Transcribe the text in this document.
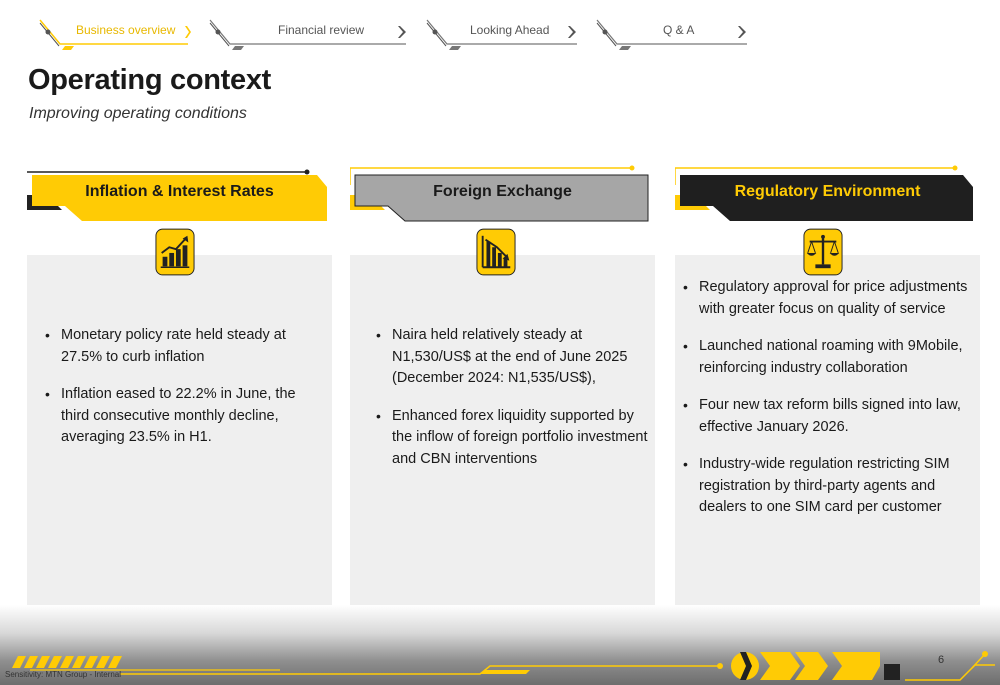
Business overview	Financial review	Looking Ahead	Q & A
Operating context
Improving operating conditions
Inflation & Interest Rates
• Monetary policy rate held steady at 27.5% to curb inflation
• Inflation eased to 22.2% in June, the third consecutive monthly decline, averaging 23.5% in H1.
Foreign Exchange
• Naira held relatively steady at N1,530/US$ at the end of June 2025 (December 2024: N1,535/US$),
• Enhanced forex liquidity supported by the inflow of foreign portfolio investment and CBN interventions
Regulatory Environment
• Regulatory approval for price adjustments with greater focus on quality of service
• Launched national roaming with 9Mobile, reinforcing industry collaboration
• Four new tax reform bills signed into law, effective January 2026.
• Industry-wide regulation restricting SIM registration by third-party agents and dealers to one SIM card per customer
6
Sensitivity: MTN Group - Internal
